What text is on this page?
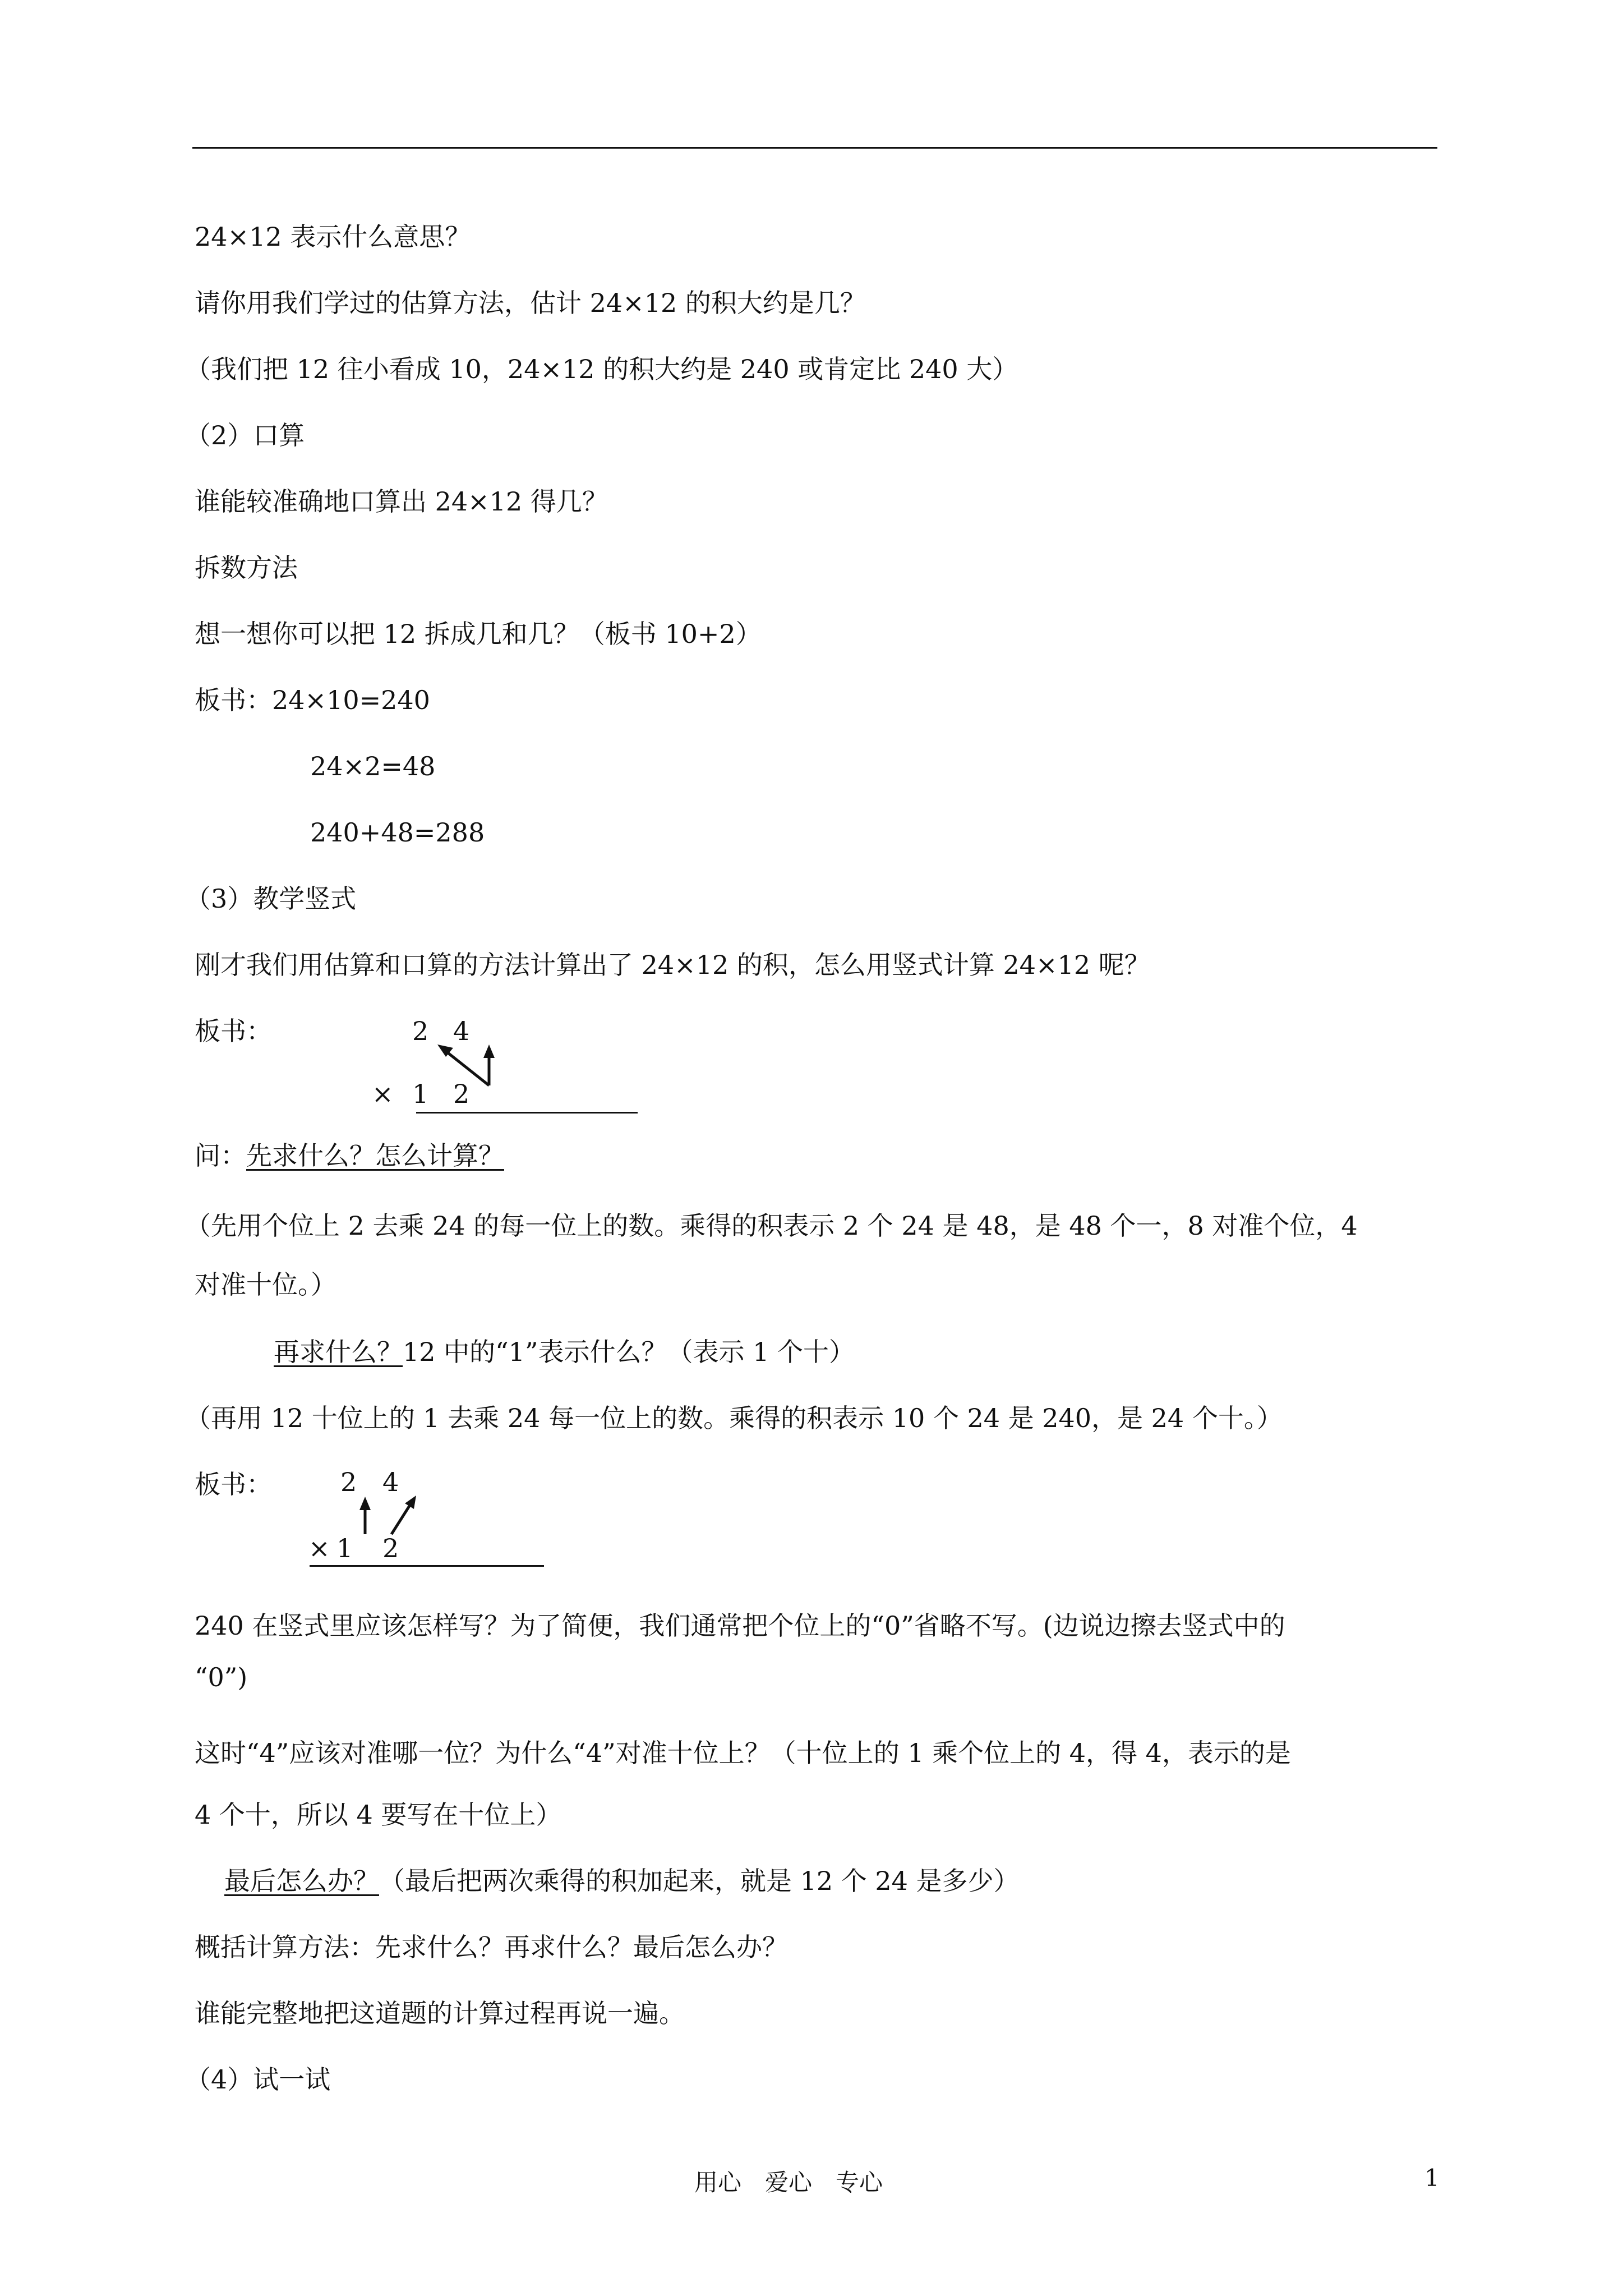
24×12 表示什么意思？
请你用我们学过的估算方法，估计 24×12 的积大约是几？
（我们把 12 往小看成 10，24×12 的积大约是 240 或肯定比 240 大）
（2）口算
谁能较准确地口算出 24×12 得几？
拆数方法
想一想你可以把 12 拆成几和几？（板书 10+2）
板书：24×10=240
24×2=48
240+48=288
（3）教学竖式
刚才我们用估算和口算的方法计算出了 24×12 的积，怎么用竖式计算 24×12 呢？
板书：	2 4
× 1 2
问：先求什么？怎么计算？
（先用个位上 2 去乘 24 的每一位上的数。乘得的积表示 2 个 24 是 48，是 48 个一，8 对准个位，4
对准十位。）
再求什么？12 中的“1”表示什么？（表示 1 个十）
（再用 12 十位上的 1 去乘 24 每一位上的数。乘得的积表示 10 个 24 是 240，是 24 个十。）
板书：	2 4
× 1 2
240 在竖式里应该怎样写？为了简便，我们通常把个位上的“0”省略不写。(边说边擦去竖式中的
“0”)
这时“4”应该对准哪一位？为什么“4”对准十位上？（十位上的 1 乘个位上的 4，得 4，表示的是
4 个十，所以 4 要写在十位上）
最后怎么办？（最后把两次乘得的积加起来，就是 12 个 24 是多少）
概括计算方法：先求什么？再求什么？最后怎么办？
谁能完整地把这道题的计算过程再说一遍。
（4）试一试
用心　爱心　专心	1
